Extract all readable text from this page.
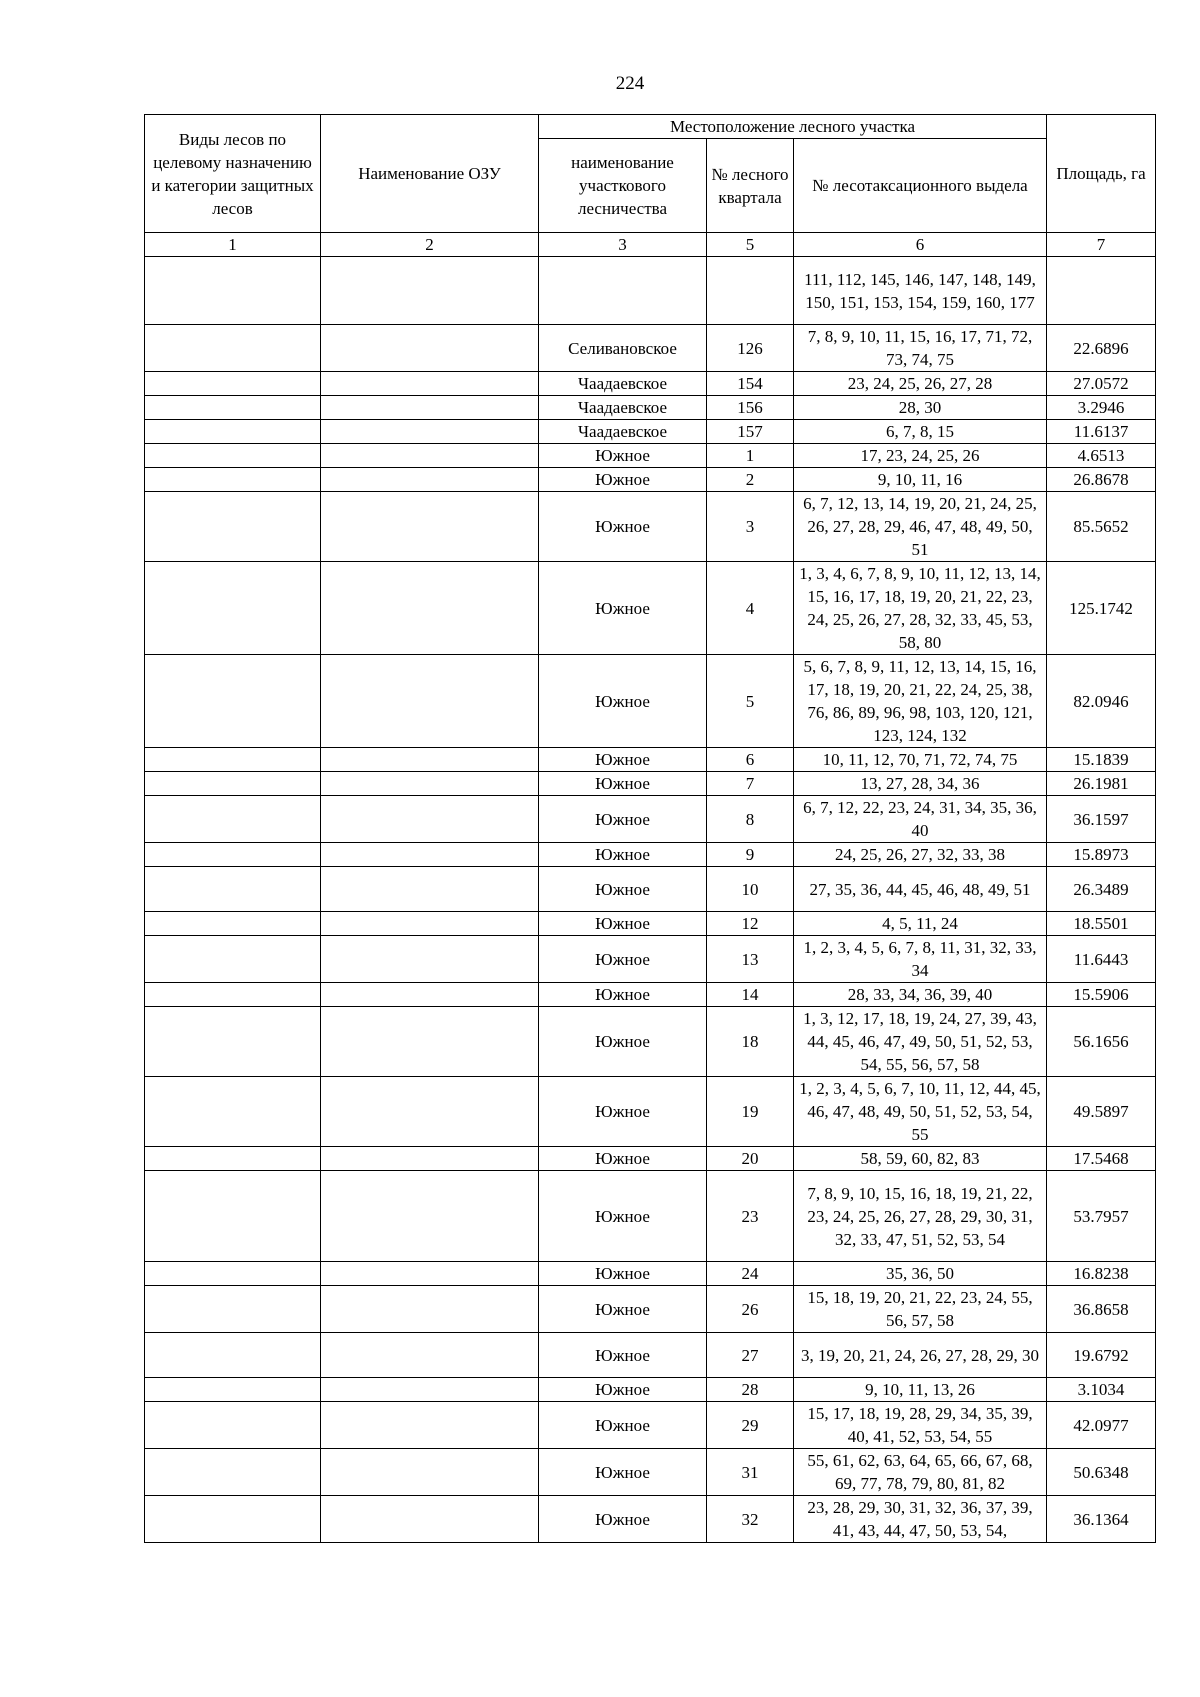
224
Виды лесов по целевому назначению и категории защитных лесов	Наименование ОЗУ	Местоположение лесного участка			Площадь, га
		наименование участкового лесничества	№ лесного квартала	№ лесотаксационного выдела	
1	2	3	5	6	7
				111, 112, 145, 146, 147, 148, 149, 150, 151, 153, 154, 159, 160, 177	
		Селивановское	126	7, 8, 9, 10, 11, 15, 16, 17, 71, 72, 73, 74, 75	22.6896
		Чаадаевское	154	23, 24, 25, 26, 27, 28	27.0572
		Чаадаевское	156	28, 30	3.2946
		Чаадаевское	157	6, 7, 8, 15	11.6137
		Южное	1	17, 23, 24, 25, 26	4.6513
		Южное	2	9, 10, 11, 16	26.8678
		Южное	3	6, 7, 12, 13, 14, 19, 20, 21, 24, 25, 26, 27, 28, 29, 46, 47, 48, 49, 50, 51	85.5652
		Южное	4	1, 3, 4, 6, 7, 8, 9, 10, 11, 12, 13, 14, 15, 16, 17, 18, 19, 20, 21, 22, 23, 24, 25, 26, 27, 28, 32, 33, 45, 53, 58, 80	125.1742
		Южное	5	5, 6, 7, 8, 9, 11, 12, 13, 14, 15, 16, 17, 18, 19, 20, 21, 22, 24, 25, 38, 76, 86, 89, 96, 98, 103, 120, 121, 123, 124, 132	82.0946
		Южное	6	10, 11, 12, 70, 71, 72, 74, 75	15.1839
		Южное	7	13, 27, 28, 34, 36	26.1981
		Южное	8	6, 7, 12, 22, 23, 24, 31, 34, 35, 36, 40	36.1597
		Южное	9	24, 25, 26, 27, 32, 33, 38	15.8973
		Южное	10	27, 35, 36, 44, 45, 46, 48, 49, 51	26.3489
		Южное	12	4, 5, 11, 24	18.5501
		Южное	13	1, 2, 3, 4, 5, 6, 7, 8, 11, 31, 32, 33, 34	11.6443
		Южное	14	28, 33, 34, 36, 39, 40	15.5906
		Южное	18	1, 3, 12, 17, 18, 19, 24, 27, 39, 43, 44, 45, 46, 47, 49, 50, 51, 52, 53, 54, 55, 56, 57, 58	56.1656
		Южное	19	1, 2, 3, 4, 5, 6, 7, 10, 11, 12, 44, 45, 46, 47, 48, 49, 50, 51, 52, 53, 54, 55	49.5897
		Южное	20	58, 59, 60, 82, 83	17.5468
		Южное	23	7, 8, 9, 10, 15, 16, 18, 19, 21, 22, 23, 24, 25, 26, 27, 28, 29, 30, 31, 32, 33, 47, 51, 52, 53, 54	53.7957
		Южное	24	35, 36, 50	16.8238
		Южное	26	15, 18, 19, 20, 21, 22, 23, 24, 55, 56, 57, 58	36.8658
		Южное	27	3, 19, 20, 21, 24, 26, 27, 28, 29, 30	19.6792
		Южное	28	9, 10, 11, 13, 26	3.1034
		Южное	29	15, 17, 18, 19, 28, 29, 34, 35, 39, 40, 41, 52, 53, 54, 55	42.0977
		Южное	31	55, 61, 62, 63, 64, 65, 66, 67, 68, 69, 77, 78, 79, 80, 81, 82	50.6348
		Южное	32	23, 28, 29, 30, 31, 32, 36, 37, 39, 41, 43, 44, 47, 50, 53, 54,	36.1364
